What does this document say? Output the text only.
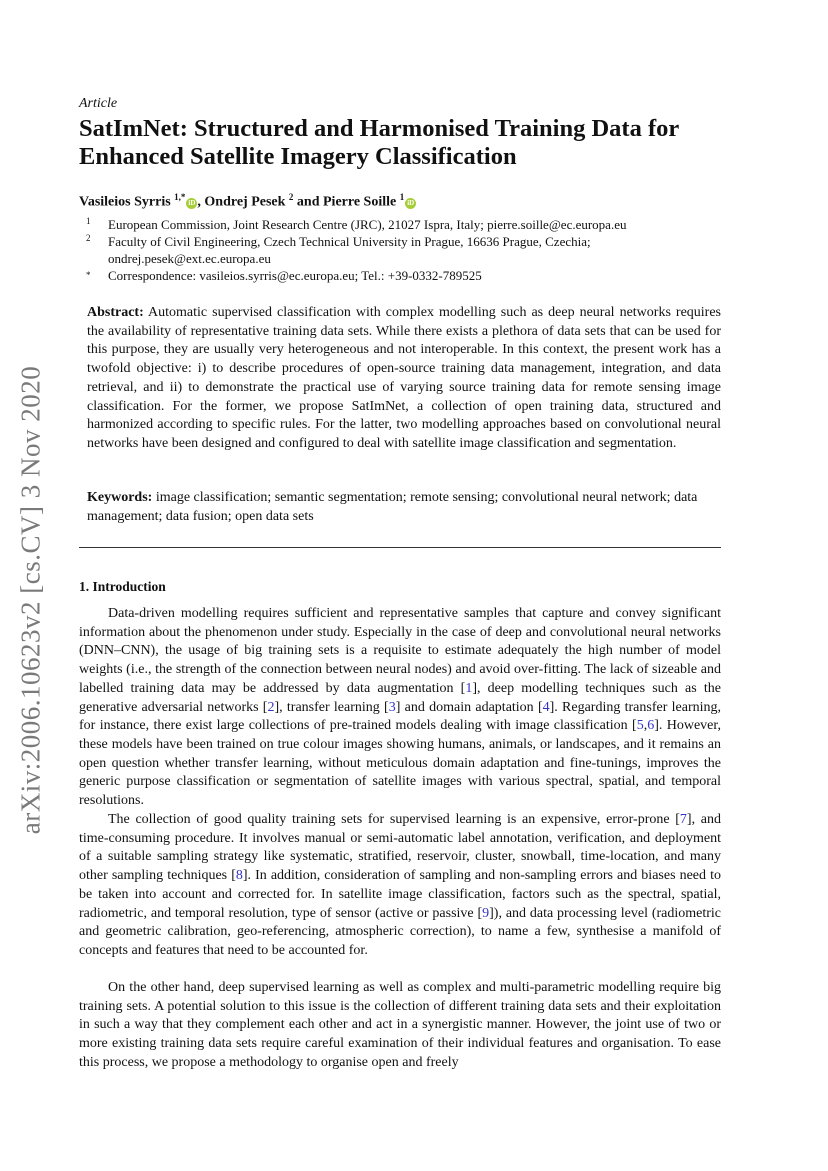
arXiv:2006.10623v2 [cs.CV] 3 Nov 2020
Article
SatImNet: Structured and Harmonised Training Data for Enhanced Satellite Imagery Classification
Vasileios Syrris $^{1,*}$iD , Ondrej Pesek $^2$ and Pierre Soille $^1$iD
1 European Commission, Joint Research Centre (JRC), 21027 Ispra, Italy; pierre.soille@ec.europa.eu
2 Faculty of Civil Engineering, Czech Technical University in Prague, 16636 Prague, Czechia;
ondrej.pesek@ext.ec.europa.eu
* Correspondence: vasileios.syrris@ec.europa.eu; Tel.: +39-0332-789525

Abstract: Automatic supervised classification with complex modelling such as deep neural networks requires the availability of representative training data sets. While there exists a plethora of data sets that can be used for this purpose, they are usually very heterogeneous and not interoperable. In this context, the present work has a twofold objective: i) to describe procedures of open-source training data management, integration, and data retrieval, and ii) to demonstrate the practical use of varying source training data for remote sensing image classification. For the former, we propose SatImNet, a collection of open training data, structured and harmonized according to specific rules. For the latter, two modelling approaches based on convolutional neural networks have been designed and configured to deal with satellite image classification and segmentation.

Keywords: image classification; semantic segmentation; remote sensing; convolutional neural network; data management; data fusion; open data sets

1. Introduction

Data-driven modelling requires sufficient and representative samples that capture and convey significant information about the phenomenon under study. Especially in the case of deep and convolutional neural networks (DNN–CNN), the usage of big training sets is a requisite to estimate adequately the high number of model weights (i.e., the strength of the connection between neural nodes) and avoid over-fitting. The lack of sizeable and labelled training data may be addressed by data augmentation [1], deep modelling techniques such as the generative adversarial networks [2], transfer learning [3] and domain adaptation [4]. Regarding transfer learning, for instance, there exist large collections of pre-trained models dealing with image classification [5,6]. However, these models have been trained on true colour images showing humans, animals, or landscapes, and it remains an open question whether transfer learning, without meticulous domain adaptation and fine-tunings, improves the generic purpose classification or segmentation of satellite images with various spectral, spatial, and temporal resolutions.

The collection of good quality training sets for supervised learning is an expensive, error-prone [7], and time-consuming procedure. It involves manual or semi-automatic label annotation, verification, and deployment of a suitable sampling strategy like systematic, stratified, reservoir, cluster, snowball, time-location, and many other sampling techniques [8]. In addition, consideration of sampling and non-sampling errors and biases need to be taken into account and corrected for. In satellite image classification, factors such as the spectral, spatial, radiometric, and temporal resolution, type of sensor (active or passive [9]), and data processing level (radiometric and geometric calibration, geo-referencing, atmospheric correction), to name a few, synthesise a manifold of concepts and features that need to be accounted for.

On the other hand, deep supervised learning as well as complex and multi-parametric modelling require big training sets. A potential solution to this issue is the collection of different training data sets and their exploitation in such a way that they complement each other and act in a synergistic manner. However, the joint use of two or more existing training data sets require careful examination of their individual features and organisation. To ease this process, we propose a methodology to organise open and freely
